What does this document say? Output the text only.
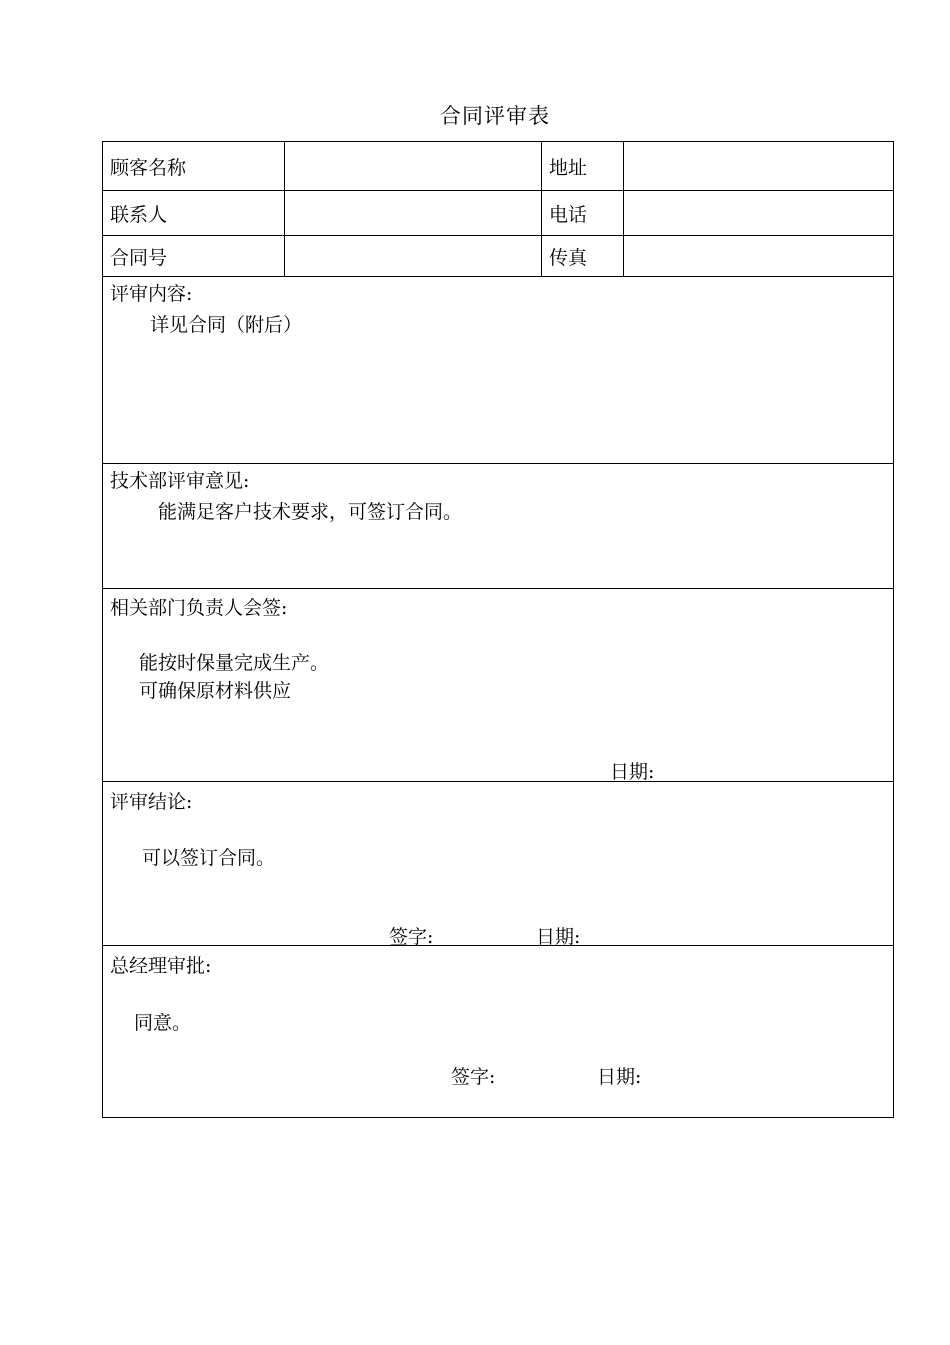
合同评审表
顾客名称	地址
联系人	电话
合同号	传真
评审内容:
详见合同（附后）
技术部评审意见:
能满足客户技术要求，可签订合同。
相关部门负责人会签:
能按时保量完成生产。
可确保原材料供应
日期:
评审结论:
可以签订合同。
签字:	日期:
总经理审批:
同意。
签字:	日期:
